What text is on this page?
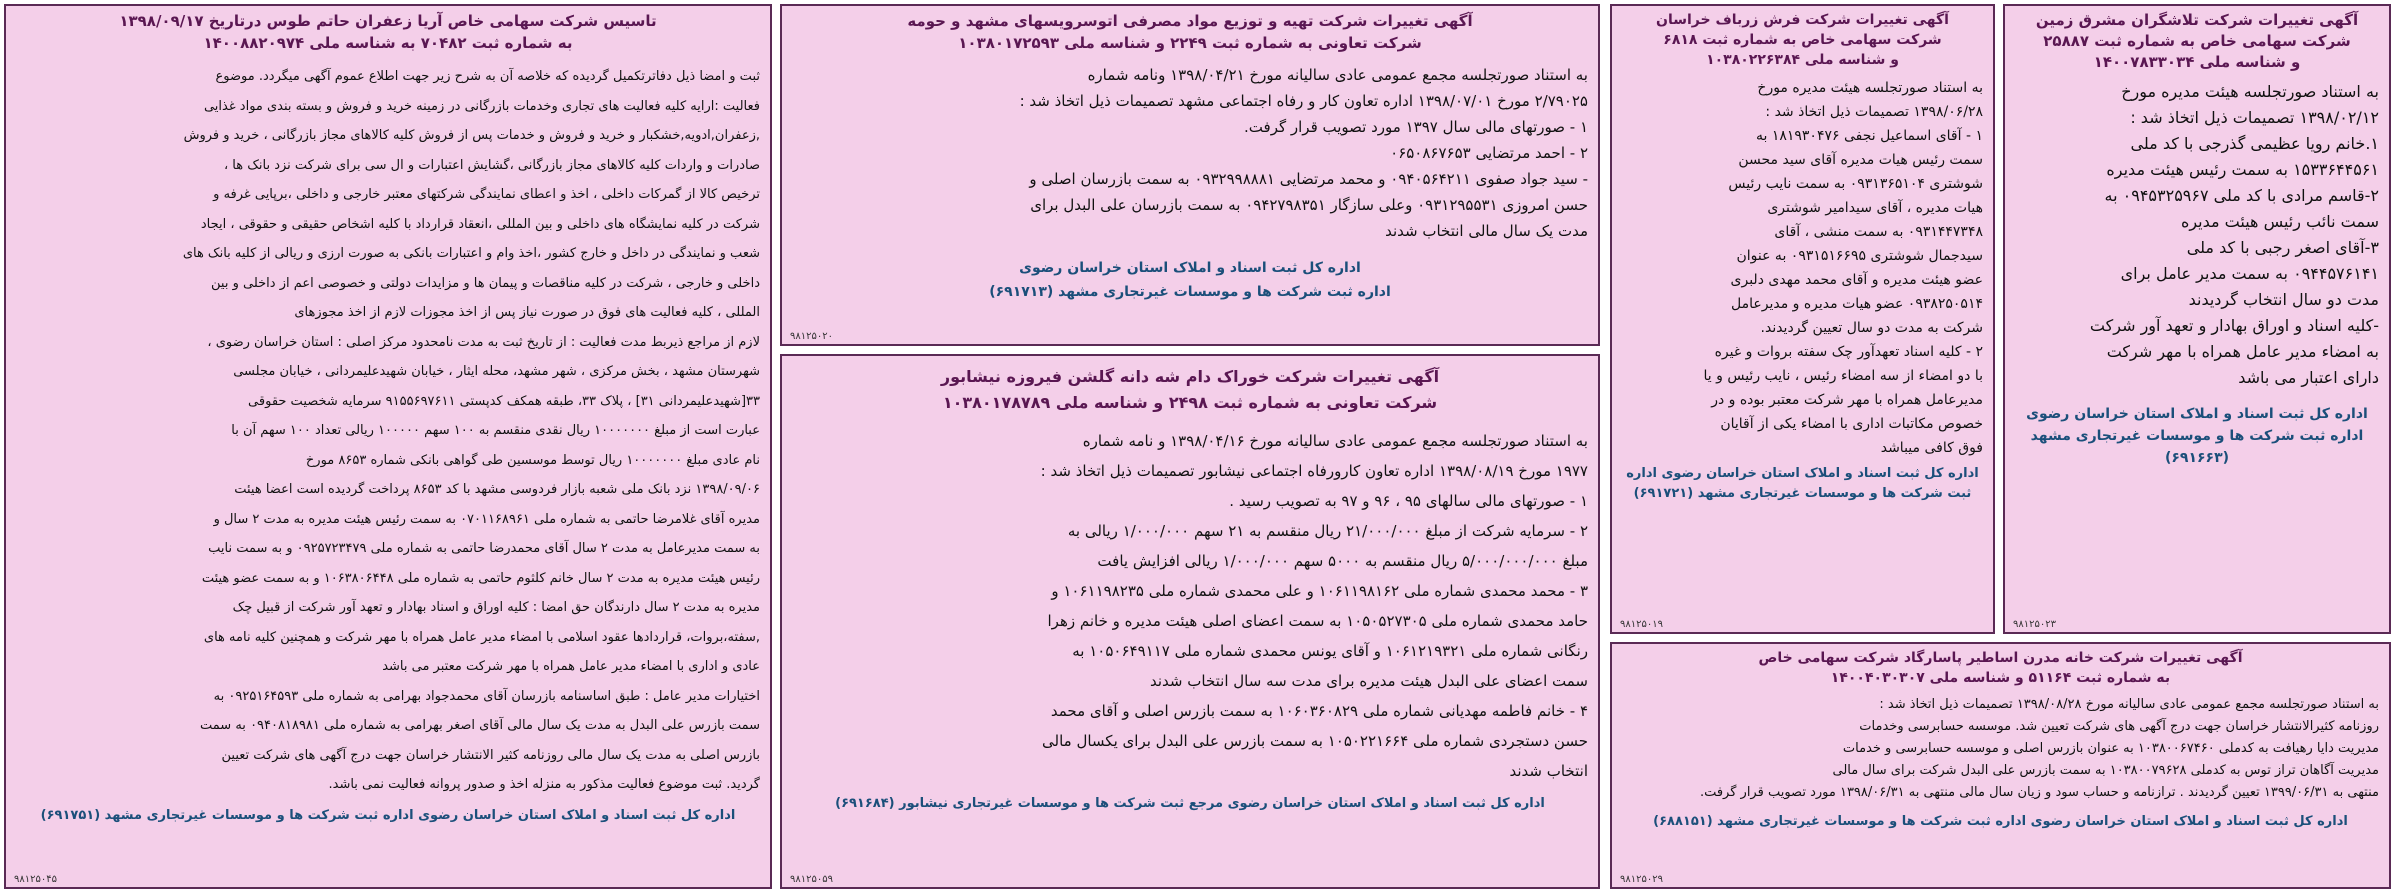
آگهی تغییرات شرکت تلاشگران مشرق زمین
شرکت سهامی خاص به شماره ثبت ۲۵۸۸۷
و شناسه ملی ۱۴۰۰۷۸۳۳۰۳۴
به استناد صورتجلسه هیئت مدیره مورخ
۱۳۹۸/۰۲/۱۲ تصمیمات ذیل اتخاذ شد :
۱.خانم رویا عظیمی گذرجی با کد ملی
۱۵۳۳۶۴۴۵۶۱ به سمت رئیس هیئت مدیره
۲-قاسم مرادی با کد ملی ۰۹۴۵۳۲۵۹۶۷ به
سمت نائب رئیس هیئت مدیره
۳-آقای اصغر رجبی با کد ملی
۰۹۴۴۵۷۶۱۴۱ به سمت مدیر عامل برای
مدت دو سال انتخاب گردیدند
-کلیه اسناد و اوراق بهادار و تعهد آور شرکت
به امضاء مدیر عامل همراه با مهر شرکت
دارای اعتبار می باشد
اداره کل ثبت اسناد و املاک استان خراسان رضوی
اداره ثبت شرکت ها و موسسات غیرتجاری مشهد
(۶۹۱۶۶۳)
۹۸۱۲۵۰۲۳
آگهی تغییرات شرکت فرش زرباف خراسان
شرکت سهامی خاص به شماره ثبت ۶۸۱۸
و شناسه ملی ۱۰۳۸۰۲۲۶۳۸۴
به استناد صورتجلسه هیئت مدیره مورخ
۱۳۹۸/۰۶/۲۸ تصمیمات ذیل اتخاذ شد :
۱ - آقای اسماعیل نجفی ۱۸۱۹۳۰۴۷۶ به
سمت رئیس هیات مدیره آقای سید محسن
شوشتری ۰۹۳۱۳۶۵۱۰۴ به سمت نایب رئیس
هیات مدیره ، آقای سیدامیر شوشتری
۰۹۳۱۴۴۷۳۴۸ به سمت منشی ، آقای
سیدجمال شوشتری ۰۹۳۱۵۱۶۶۹۵ به عنوان
عضو هیئت مدیره و آقای محمد مهدی دلبری
۰۹۳۸۲۵۰۵۱۴ عضو هیات مدیره و مدیرعامل
شرکت به مدت دو سال تعیین گردیدند.
۲ - کلیه اسناد تعهدآور چک سفته بروات و غیره
با دو امضاء از سه امضاء رئیس ، نایب رئیس و یا
مدیرعامل همراه با مهر شرکت معتبر بوده و در
خصوص مکاتبات اداری با امضاء یکی از آقایان
فوق کافی میباشد
اداره کل ثبت اسناد و املاک استان خراسان رضوی اداره
ثبت شرکت ها و موسسات غیرتجاری مشهد (۶۹۱۷۲۱)
۹۸۱۲۵۰۱۹
آگهی تغییرات شرکت خانه مدرن اساطیر پاسارگاد شرکت سهامی خاص
به شماره ثبت ۵۱۱۶۴ و شناسه ملی ۱۴۰۰۴۰۳۰۳۰۷
به استناد صورتجلسه مجمع عمومی عادی سالیانه مورخ ۱۳۹۸/۰۸/۲۸ تصمیمات ذیل اتخاذ شد :
روزنامه کثیرالانتشار خراسان جهت درج آگهی های شرکت تعیین شد. موسسه حسابرسی وخدمات
مدیریت دایا رهیافت به کدملی ۱۰۳۸۰۰۶۷۴۶۰ به عنوان بازرس اصلی و موسسه حسابرسی و خدمات
مدیریت آگاهان تراز توس به کدملی ۱۰۳۸۰۰۷۹۶۲۸ به سمت بازرس علی البدل شرکت برای سال مالی
منتهی به ۱۳۹۹/۰۶/۳۱ تعیین گردیدند . ترازنامه و حساب سود و زیان سال مالی منتهی به ۱۳۹۸/۰۶/۳۱ مورد تصویب قرار گرفت.
اداره کل ثبت اسناد و املاک استان خراسان رضوی اداره ثبت شرکت ها و موسسات غیرتجاری مشهد (۶۸۸۱۵۱)
۹۸۱۲۵۰۲۹
آگهی تغییرات شرکت تهیه و توزیع مواد مصرفی اتوسرویسهای مشهد و حومه
شرکت تعاونی به شماره ثبت ۲۲۴۹ و شناسه ملی ۱۰۳۸۰۱۷۲۵۹۳
به استناد صورتجلسه مجمع عمومی عادی سالیانه مورخ ۱۳۹۸/۰۴/۲۱ ونامه شماره
۲/۷۹۰۲۵ مورخ ۱۳۹۸/۰۷/۰۱ اداره تعاون کار و رفاه اجتماعی مشهد تصمیمات ذیل اتخاذ شد :
۱ - صورتهای مالی سال ۱۳۹۷ مورد تصویب قرار گرفت.
۲ - احمد مرتضایی ۰۶۵۰۸۶۷۶۵۳
- سید جواد صفوی ۰۹۴۰۵۶۴۲۱۱ و محمد مرتضایی ۰۹۳۲۹۹۸۸۸۱ به سمت بازرسان اصلی و
حسن امروزی ۰۹۳۱۲۹۵۵۳۱ وعلی سازگار ۰۹۴۲۷۹۸۳۵۱ به سمت بازرسان علی البدل برای
مدت یک سال مالی انتخاب شدند
اداره کل ثبت اسناد و املاک استان خراسان رضوی
اداره ثبت شرکت ها و موسسات غیرتجاری مشهد (۶۹۱۷۱۳)
۹۸۱۲۵۰۲۰
آگهی تغییرات شرکت خوراک دام شه دانه گلشن فیروزه نیشابور
شرکت تعاونی به شماره ثبت ۲۴۹۸ و شناسه ملی ۱۰۳۸۰۱۷۸۷۸۹
به استناد صورتجلسه مجمع عمومی عادی سالیانه مورخ ۱۳۹۸/۰۴/۱۶ و نامه شماره
۱۹۷۷ مورخ ۱۳۹۸/۰۸/۱۹ اداره تعاون کارورفاه اجتماعی نیشابور تصمیمات ذیل اتخاذ شد :
۱ - صورتهای مالی سالهای ۹۵ ، ۹۶ و ۹۷ به تصویب رسید .
۲ - سرمایه شرکت از مبلغ ۲۱/۰۰۰/۰۰۰ ریال منقسم به ۲۱ سهم ۱/۰۰۰/۰۰۰ ریالی به
مبلغ ۵/۰۰۰/۰۰۰/۰۰۰ ریال منقسم به ۵۰۰۰ سهم ۱/۰۰۰/۰۰۰ ریالی افزایش یافت
۳ - محمد محمدی شماره ملی ۱۰۶۱۱۹۸۱۶۲ و علی محمدی شماره ملی ۱۰۶۱۱۹۸۲۳۵ و
حامد محمدی شماره ملی ۱۰۵۰۵۲۷۳۰۵ به سمت اعضای اصلی هیئت مدیره و خانم زهرا
رنگانی شماره ملی ۱۰۶۱۲۱۹۳۲۱ و آقای یونس محمدی شماره ملی ۱۰۵۰۶۴۹۱۱۷ به
سمت اعضای علی البدل هیئت مدیره برای مدت سه سال انتخاب شدند
۴ - خانم فاطمه مهدیانی شماره ملی ۱۰۶۰۳۶۰۸۲۹ به سمت بازرس اصلی و آقای محمد
حسن دستجردی شماره ملی ۱۰۵۰۲۲۱۶۶۴ به سمت بازرس علی البدل برای یکسال مالی
انتخاب شدند
اداره کل ثبت اسناد و املاک استان خراسان رضوی مرجع ثبت شرکت ها و موسسات غیرتجاری نیشابور (۶۹۱۶۸۴)
۹۸۱۲۵۰۵۹
تاسیس شرکت سهامی خاص آریا زعفران حاتم طوس درتاریخ ۱۳۹۸/۰۹/۱۷
به شماره ثبت ۷۰۴۸۲ به شناسه ملی ۱۴۰۰۸۸۲۰۹۷۴
ثبت و امضا ذیل دفاترتکمیل گردیده که خلاصه آن به شرح زیر جهت اطلاع عموم آگهی میگردد. موضوع
فعالیت :ارایه کلیه فعالیت های تجاری وخدمات بازرگانی در زمینه خرید و فروش و بسته بندی مواد غذایی
,زعفران,ادویه,خشکبار و خرید و فروش و خدمات پس از فروش کلیه کالاهای مجاز بازرگانی ، خرید و فروش
صادرات و واردات کلیه کالاهای مجاز بازرگانی ،گشایش اعتبارات و ال سی برای شرکت نزد بانک ها ،
ترخیص کالا از گمرکات داخلی ، اخذ و اعطای نمایندگی شرکتهای معتبر خارجی و داخلی ،برپایی غرفه و
شرکت در کلیه نمایشگاه های داخلی و بین المللی ،انعقاد قرارداد با کلیه اشخاص حقیقی و حقوقی ، ایجاد
شعب و نمایندگی در داخل و خارج کشور ،اخذ وام و اعتبارات بانکی به صورت ارزی و ریالی از کلیه بانک های
داخلی و خارجی ، شرکت در کلیه مناقصات و پیمان ها و مزایدات دولتی و خصوصی اعم از داخلی و بین
المللی ، کلیه فعالیت های فوق در صورت نیاز پس از اخذ مجوزات لازم از اخذ مجوزهای
لازم از مراجع ذیربط مدت فعالیت : از تاریخ ثبت به مدت نامحدود مرکز اصلی : استان خراسان رضوی ،
شهرستان مشهد ، بخش مرکزی ، شهر مشهد، محله ایثار ، خیابان شهیدعلیمردانی ، خیابان مجلسی
۳۳[شهیدعلیمردانی ۳۱] ، پلاک ۳۳، طبقه همکف کدپستی ۹۱۵۵۶۹۷۶۱۱ سرمایه شخصیت حقوقی
عبارت است از مبلغ ۱۰۰۰۰۰۰۰ ریال نقدی منقسم به ۱۰۰ سهم ۱۰۰۰۰۰ ریالی تعداد ۱۰۰ سهم آن با
نام عادی مبلغ ۱۰۰۰۰۰۰۰ ریال توسط موسسین طی گواهی بانکی شماره ۸۶۵۳ مورخ
۱۳۹۸/۰۹/۰۶ نزد بانک ملی شعبه بازار فردوسی مشهد با کد ۸۶۵۳ پرداخت گردیده است اعضا هیئت
مدیره آقای غلامرضا حاتمی به شماره ملی ۰۷۰۱۱۶۸۹۶۱ به سمت رئیس هیئت مدیره به مدت ۲ سال و
به سمت مدیرعامل به مدت ۲ سال آقای محمدرضا حاتمی به شماره ملی ۰۹۲۵۷۲۳۴۷۹ و به سمت نایب
رئیس هیئت مدیره به مدت ۲ سال خانم کلثوم حاتمی به شماره ملی ۱۰۶۳۸۰۶۴۴۸ و به سمت عضو هیئت
مدیره به مدت ۲ سال دارندگان حق امضا : کلیه اوراق و اسناد بهادار و تعهد آور شرکت از قبیل چک
,سفته،بروات، قراردادها عقود اسلامی با امضاء مدیر عامل همراه با مهر شرکت و همچنین کلیه نامه های
عادی و اداری با امضاء مدیر عامل همراه با مهر شرکت معتبر می باشد
اختیارات مدیر عامل : طبق اساسنامه بازرسان آقای محمدجواد بهرامی به شماره ملی ۰۹۲۵۱۶۴۵۹۳ به
سمت بازرس علی البدل به مدت یک سال مالی آقای اصغر بهرامی به شماره ملی ۰۹۴۰۸۱۸۹۸۱ به سمت
بازرس اصلی به مدت یک سال مالی روزنامه کثیر الانتشار خراسان جهت درج آگهی های شرکت تعیین
گردید. ثبت موضوع فعالیت مذکور به منزله اخذ و صدور پروانه فعالیت نمی باشد.
اداره کل ثبت اسناد و املاک استان خراسان رضوی اداره ثبت شرکت ها و موسسات غیرتجاری مشهد (۶۹۱۷۵۱)
۹۸۱۲۵۰۴۵
